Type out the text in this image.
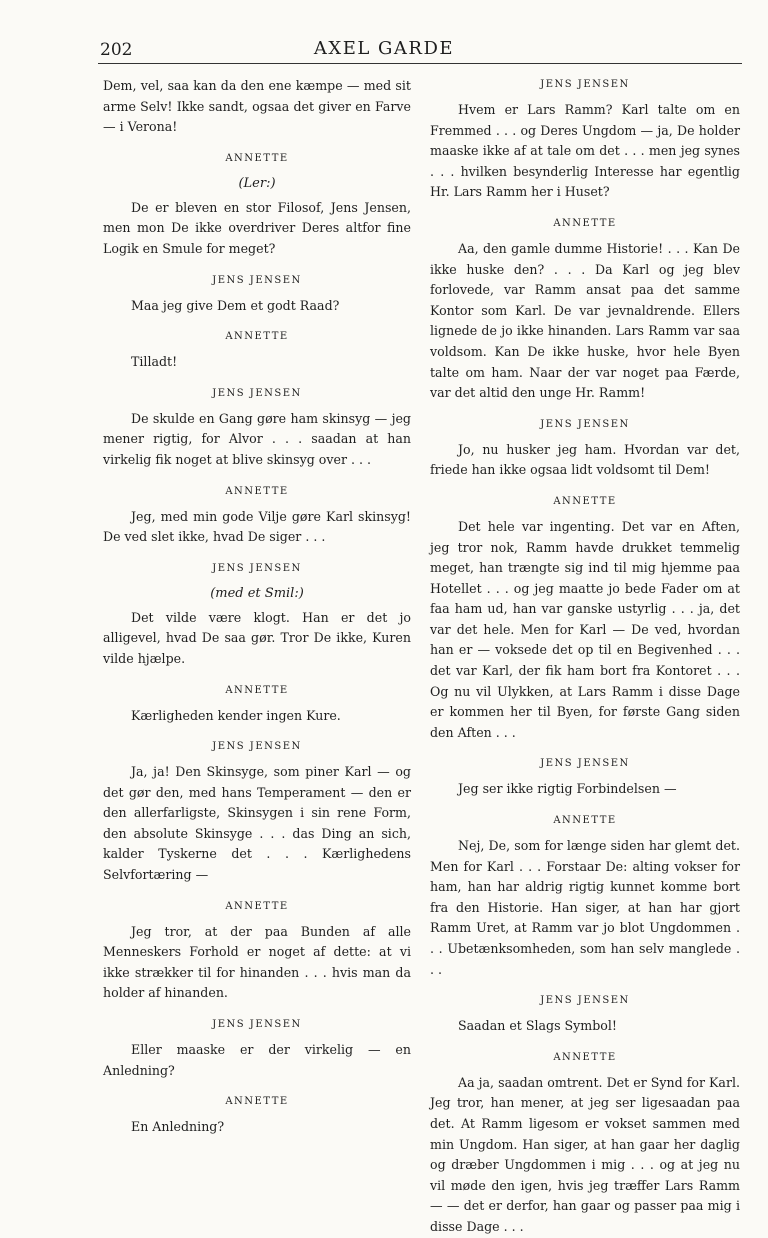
202	AXEL GARDE

Dem, vel, saa kan da den ene kæmpe — med sit arme Selv! Ikke sandt, ogsaa det giver en Farve — i Verona!

ANNETTE
(Ler:)

De er bleven en stor Filosof, Jens Jensen, men mon De ikke overdriver Deres altfor fine Logik en Smule for meget?

JENS JENSEN

Maa jeg give Dem et godt Raad?

ANNETTE

Tilladt!

JENS JENSEN

De skulde en Gang gøre ham skinsyg — jeg mener rigtig, for Alvor . . . saadan at han virkelig fik noget at blive skinsyg over . . .

ANNETTE

Jeg, med min gode Vilje gøre Karl skinsyg! De ved slet ikke, hvad De siger . . .

JENS JENSEN
(med et Smil:)

Det vilde være klogt. Han er det jo alligevel, hvad De saa gør. Tror De ikke, Kuren vilde hjælpe.

ANNETTE

Kærligheden kender ingen Kure.

JENS JENSEN

Ja, ja! Den Skinsyge, som piner Karl — og det gør den, med hans Temperament — den er den allerfarligste, Skinsygen i sin rene Form, den absolute Skinsyge . . . das Ding an sich, kalder Tyskerne det . . . Kærlighedens Selvfortæring —

ANNETTE

Jeg tror, at der paa Bunden af alle Menneskers Forhold er noget af dette: at vi ikke strækker til for hinanden . . . hvis man da holder af hinanden.

JENS JENSEN

Eller maaske er der virkelig — en Anledning?

ANNETTE

En Anledning?

JENS JENSEN

Hvem er Lars Ramm? Karl talte om en Fremmed . . . og Deres Ungdom — ja, De holder maaske ikke af at tale om det . . . men jeg synes . . . hvilken besynderlig Interesse har egentlig Hr. Lars Ramm her i Huset?

ANNETTE

Aa, den gamle dumme Historie! . . . Kan De ikke huske den? . . . Da Karl og jeg blev forlovede, var Ramm ansat paa det samme Kontor som Karl. De var jevnaldrende. Ellers lignede de jo ikke hinanden. Lars Ramm var saa voldsom. Kan De ikke huske, hvor hele Byen talte om ham. Naar der var noget paa Færde, var det altid den unge Hr. Ramm!

JENS JENSEN

Jo, nu husker jeg ham. Hvordan var det, friede han ikke ogsaa lidt voldsomt til Dem!

ANNETTE

Det hele var ingenting. Det var en Aften, jeg tror nok, Ramm havde drukket temmelig meget, han trængte sig ind til mig hjemme paa Hotellet . . . og jeg maatte jo bede Fader om at faa ham ud, han var ganske ustyrlig . . . ja, det var det hele. Men for Karl — De ved, hvordan han er — voksede det op til en Begivenhed . . . det var Karl, der fik ham bort fra Kontoret . . . Og nu vil Ulykken, at Lars Ramm i disse Dage er kommen her til Byen, for første Gang siden den Aften . . .

JENS JENSEN

Jeg ser ikke rigtig Forbindelsen —

ANNETTE

Nej, De, som for længe siden har glemt det. Men for Karl . . . Forstaar De: alting vokser for ham, han har aldrig rigtig kunnet komme bort fra den Historie. Han siger, at han har gjort Ramm Uret, at Ramm var jo blot Ungdommen . . . Ubetænksomheden, som han selv manglede . . .

JENS JENSEN

Saadan et Slags Symbol!

ANNETTE

Aa ja, saadan omtrent. Det er Synd for Karl. Jeg tror, han mener, at jeg ser ligesaadan paa det. At Ramm ligesom er vokset sammen med min Ungdom. Han siger, at han gaar her daglig og dræber Ungdommen i mig . . . og at jeg nu vil møde den igen, hvis jeg træffer Lars Ramm — — det er derfor, han gaar og passer paa mig i disse Dage . . .
